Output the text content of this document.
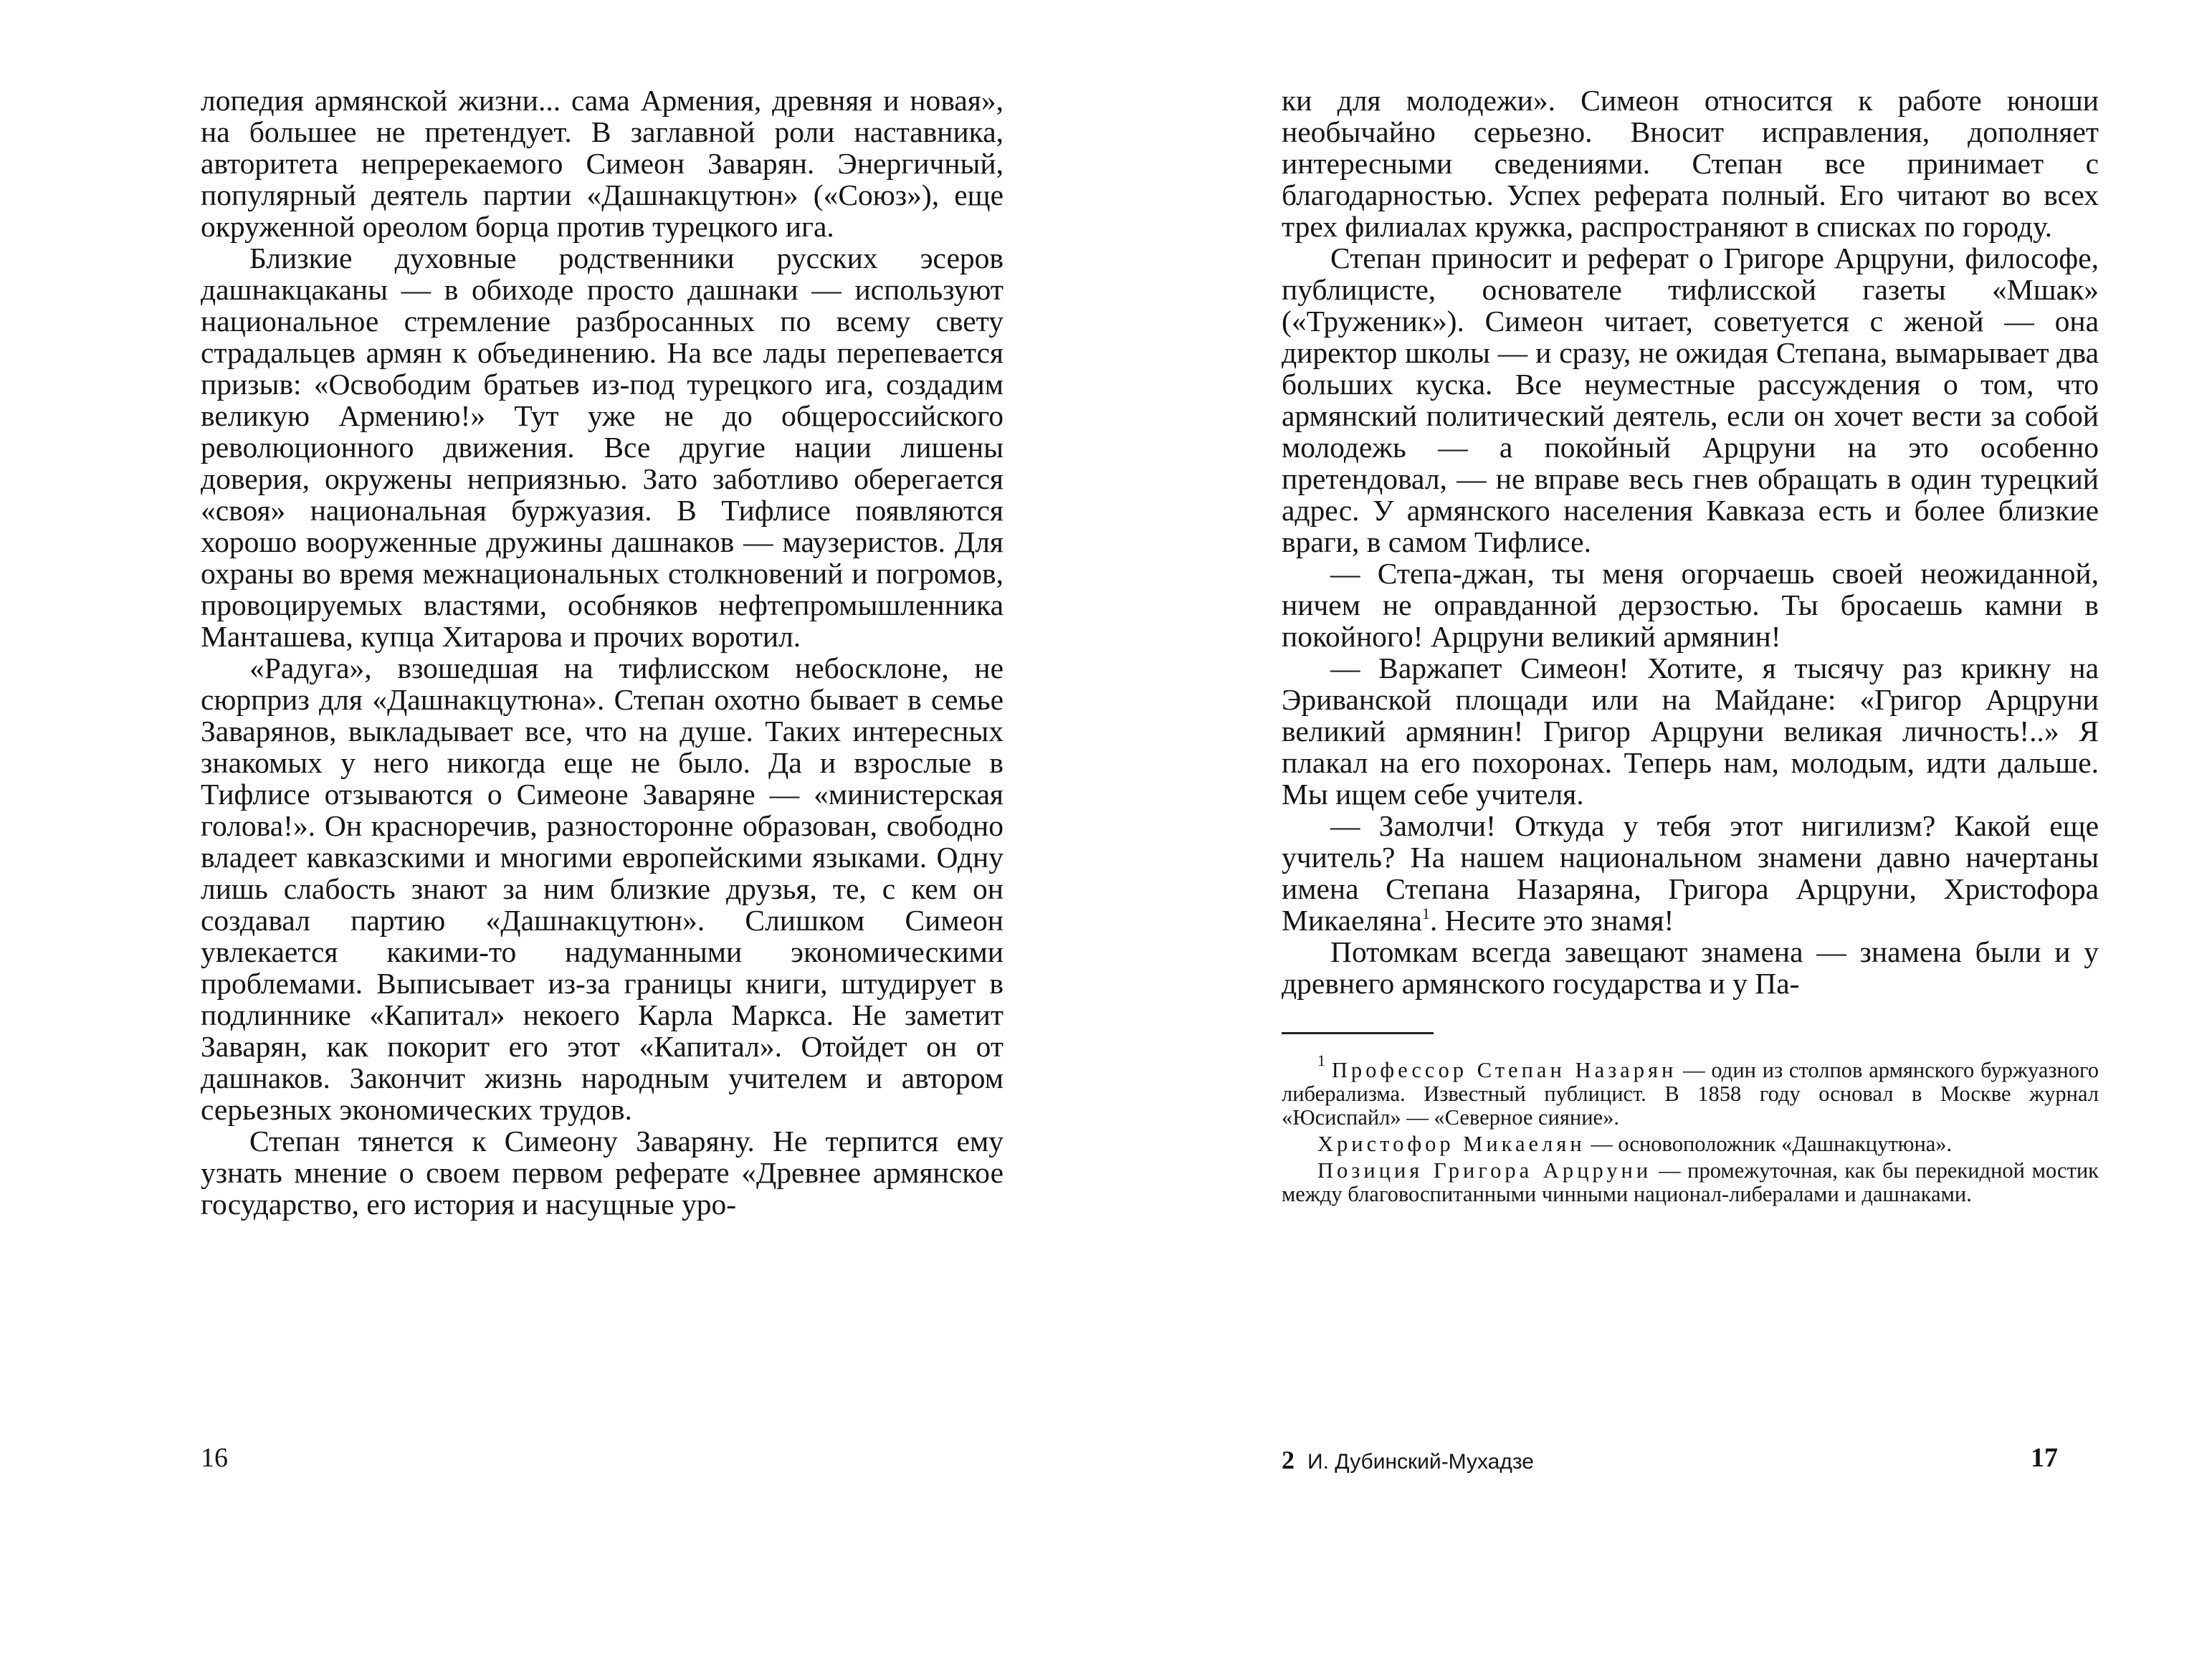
лопедия армянской жизни... сама Армения, древняя и новая», на большее не претендует. В заглавной роли наставника, авторитета непререкаемого Симеон Заварян. Энергичный, популярный деятель партии «Дашнакцутюн» («Союз»), еще окруженной ореолом борца против турецкого ига.

Близкие духовные родственники русских эсеров дашнакцаканы — в обиходе просто дашнаки — используют национальное стремление разбросанных по всему свету страдальцев армян к объединению. На все лады перепевается призыв: «Освободим братьев из-под турецкого ига, создадим великую Армению!» Тут уже не до общероссийского революционного движения. Все другие нации лишены доверия, окружены неприязнью. Зато заботливо оберегается «своя» национальная буржуазия. В Тифлисе появляются хорошо вооруженные дружины дашнаков — маузеристов. Для охраны во время межнациональных столкновений и погромов, провоцируемых властями, особняков нефтепромышленника Манташева, купца Хитарова и прочих воротил.

«Радуга», взошедшая на тифлисском небосклоне, не сюрприз для «Дашнакцутюна». Степан охотно бывает в семье Заварянов, выкладывает все, что на душе. Таких интересных знакомых у него никогда еще не было. Да и взрослые в Тифлисе отзываются о Симеоне Заваряне — «министерская голова!». Он красноречив, разносторонне образован, свободно владеет кавказскими и многими европейскими языками. Одну лишь слабость знают за ним близкие друзья, те, с кем он создавал партию «Дашнакцутюн». Слишком Симеон увлекается какими-то надуманными экономическими проблемами. Выписывает из-за границы книги, штудирует в подлиннике «Капитал» некоего Карла Маркса. Не заметит Заварян, как покорит его этот «Капитал». Отойдет он от дашнаков. Закончит жизнь народным учителем и автором серьезных экономических трудов.

Степан тянется к Симеону Заваряну. Не терпится ему узнать мнение о своем первом реферате «Древнее армянское государство, его история и насущные уро-

16

ки для молодежи». Симеон относится к работе юноши необычайно серьезно. Вносит исправления, дополняет интересными сведениями. Степан все принимает с благодарностью. Успех реферата полный. Его читают во всех трех филиалах кружка, распространяют в списках по городу.

Степан приносит и реферат о Григоре Арцруни, философе, публицисте, основателе тифлисской газеты «Мшак» («Труженик»). Симеон читает, советуется с женой — она директор школы — и сразу, не ожидая Степана, вымарывает два больших куска. Все неуместные рассуждения о том, что армянский политический деятель, если он хочет вести за собой молодежь — а покойный Арцруни на это особенно претендовал, — не вправе весь гнев обращать в один турецкий адрес. У армянского населения Кавказа есть и более близкие враги, в самом Тифлисе.

— Степа-джан, ты меня огорчаешь своей неожиданной, ничем не оправданной дерзостью. Ты бросаешь камни в покойного! Арцруни великий армянин!

— Варжапет Симеон! Хотите, я тысячу раз крикну на Эриванской площади или на Майдане: «Григор Арцруни великий армянин! Григор Арцруни великая личность!..» Я плакал на его похоронах. Теперь нам, молодым, идти дальше. Мы ищем себе учителя.

— Замолчи! Откуда у тебя этот нигилизм? Какой еще учитель? На нашем национальном знамени давно начертаны имена Степана Назаряна, Григора Арцруни, Христофора Микаеляна$^1$. Несите это знамя!

Потомкам всегда завещают знамена — знамена были и у древнего армянского государства и у Па-

$^1$ Профессор Степан Назарян — один из столпов армянского буржуазного либерализма. Известный публицист. В 1858 году основал в Москве журнал «Юсиспайл» — «Северное сияние».

Христофор Микаелян — основоположник «Дашнакцутюна».

Позиция Григора Арцруни — промежуточная, как бы перекидной мостик между благовоспитанными чинными национал-либералами и дашнаками.

2 И. Дубинский-Мухадзе	17
